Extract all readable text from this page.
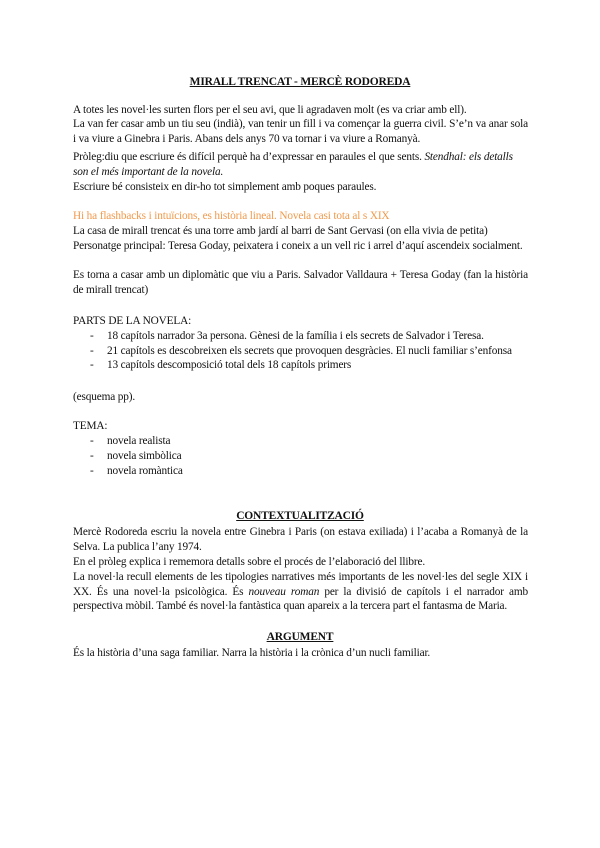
MIRALL TRENCAT - MERCÈ RODOREDA
A totes les novel·les surten flors per el seu avi, que li agradaven molt (es va criar amb ell).
La van fer casar amb un tiu seu (indià), van tenir un fill i va començar la guerra civil. S’e’n va anar sola i va viure a Ginebra i Paris. Abans dels anys 70 va tornar i va viure a Romanyà.
Pròleg:diu que escriure és difícil perquè ha d’expressar en paraules el que sents. Stendhal: els detalls son el més important de la novela.
Escriure bé consisteix en dir-ho tot simplement amb poques paraules.
Hi ha flashbacks i intuïcions, es història lineal. Novela casi tota al s XIX
La casa de mirall trencat és una torre amb jardí al barri de Sant Gervasi (on ella vivia de petita)
Personatge principal: Teresa Goday, peixatera i coneix a un vell ric i arrel d’aquí ascendeix socialment.
Es torna a casar amb un diplomàtic que viu a Paris. Salvador Valldaura + Teresa Goday (fan la història de mirall trencat)
PARTS DE LA NOVELA:
- 18 capítols narrador 3a persona. Gènesi de la família i els secrets de Salvador i Teresa.
- 21 capítols es descobreixen els secrets que provoquen desgràcies. El nucli familiar s’enfonsa
- 13 capítols descomposició total dels 18 capítols primers
(esquema pp).
TEMA:
- novela realista
- novela simbòlica
- novela romàntica
CONTEXTUALITZACIÓ
Mercè Rodoreda escriu la novela entre Ginebra i Paris (on estava exiliada) i l’acaba a Romanyà de la Selva. La publica l’any 1974.
En el pròleg explica i rememora detalls sobre el procés de l’elaboració del llibre.
La novel·la recull elements de les tipologies narratives més importants de les novel·les del segle XIX i XX. És una novel·la psicològica. És nouveau roman per la divisió de capítols i el narrador amb perspectiva mòbil. També és novel·la fantàstica quan apareix a la tercera part el fantasma de Maria.
ARGUMENT
És la història d’una saga familiar. Narra la història i la crònica d’un nucli familiar.
